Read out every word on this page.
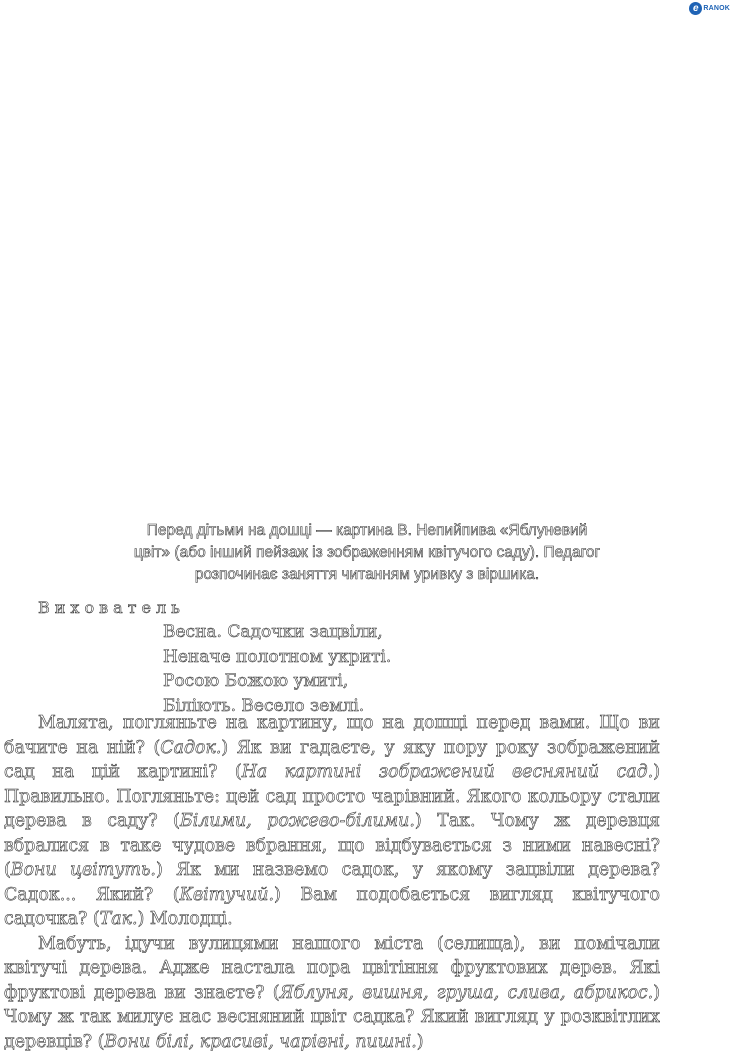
e RANOK
Перед дітьми на дошці — картина В. Непийпива «Яблуневий
цвіт» (або інший пейзаж із зображенням квітучого саду). Педагог
розпочинає заняття читанням уривку з віршика.
Вихователь
Весна. Садочки зацвіли,
Неначе полотном укриті.
Росою Божою умиті,
Біліють. Весело землі.

Малята, погляньте на картину, що на дошці перед вами. Що ви бачите на ній? (Садок.) Як ви гадаєте, у яку пору року зображений сад на цій картині? (На картині зображений весняний сад.) Правильно. Погляньте: цей сад просто чарівний. Якого кольору стали дерева в саду? (Білими, рожево-білими.) Так. Чому ж деревця вбралися в таке чудове вбрання, що відбувається з ними навесні? (Вони цвітуть.) Як ми назвемо садок, у якому зацвіли дерева? Садок... Який? (Квітучий.) Вам подобається вигляд квітучого садочка? (Так.) Молодці.

Мабуть, ідучи вулицями нашого міста (селища), ви помічали квітучі дерева. Адже настала пора цвітіння фруктових дерев. Які фруктові дерева ви знаєте? (Яблуня, вишня, груша, слива, абрикос.) Чому ж так милує нас весняний цвіт садка? Який вигляд у розквітлих деревців? (Вони білі, красиві, чарівні, пишні.)
